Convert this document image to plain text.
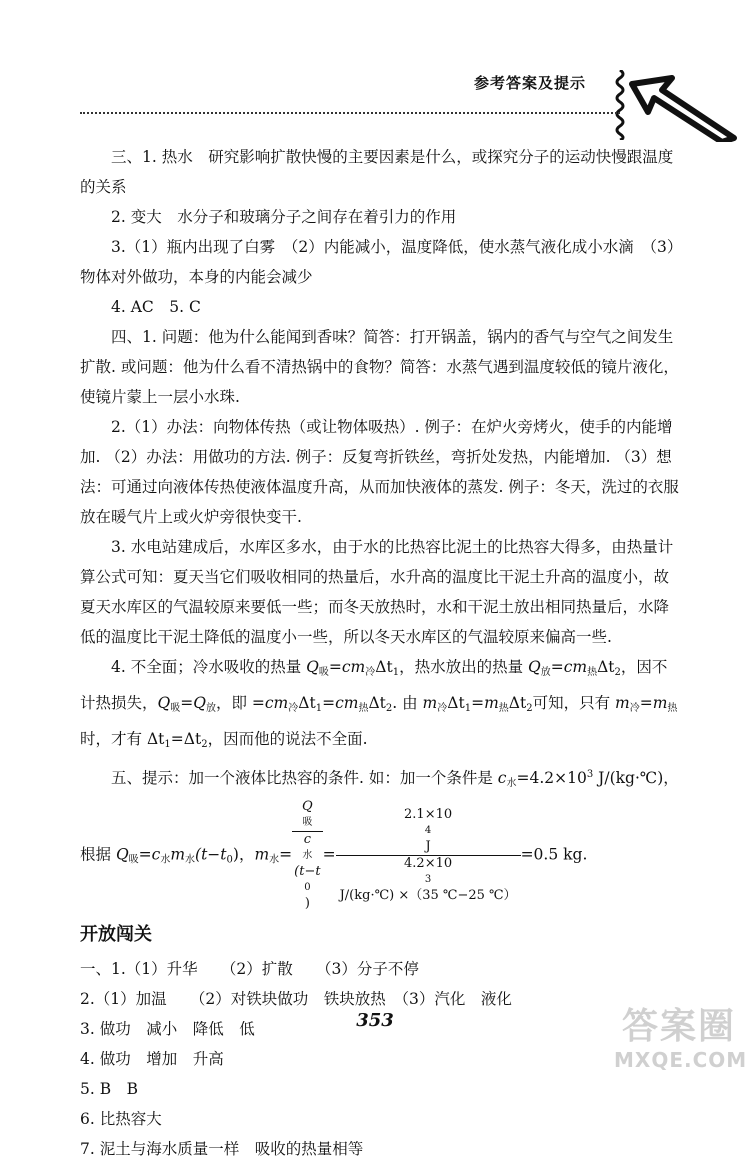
参考答案及提示

三、1. 热水　研究影响扩散快慢的主要因素是什么，或探究分子的运动快慢跟温度的关系

2. 变大　水分子和玻璃分子之间存在着引力的作用

3.（1）瓶内出现了白雾　（2）内能减小，温度降低，使水蒸气液化成小水滴　（3）物体对外做功，本身的内能会减少

4. AC　5. C

四、1. 问题：他为什么能闻到香味？简答：打开锅盖，锅内的香气与空气之间发生扩散. 或问题：他为什么看不清热锅中的食物？简答：水蒸气遇到温度较低的镜片液化，使镜片蒙上一层小水珠.

2.（1）办法：向物体传热（或让物体吸热）. 例子：在炉火旁烤火，使手的内能增加. （2）办法：用做功的方法. 例子：反复弯折铁丝，弯折处发热，内能增加. （3）想法：可通过向液体传热使液体温度升高，从而加快液体的蒸发. 例子：冬天，洗过的衣服放在暖气片上或火炉旁很快变干.

3. 水电站建成后，水库区多水，由于水的比热容比泥土的比热容大得多，由热量计算公式可知：夏天当它们吸收相同的热量后，水升高的温度比干泥土升高的温度小，故夏天水库区的气温较原来要低一些；而冬天放热时，水和干泥土放出相同热量后，水降低的温度比干泥土降低的温度小一些，所以冬天水库区的气温较原来偏高一些.

4. 不全面；冷水吸收的热量 $Q_吸=cm_冷\Delta t_1$，热水放出的热量 $Q_放=cm_热\Delta t_2$，因不计热损失，$Q_吸=Q_放$，即 $=cm_冷\Delta t_1=cm_热\Delta t_2$. 由 $m_冷\Delta t_1=m_热\Delta t_2$可知，只有 $m_冷=m_热$时，才有 $\Delta t_1=\Delta t_2$，因而他的说法不全面.

五、提示：加一个液体比热容的条件. 如：加一个条件是 $c_水=4.2\times 10^3$ J/(kg·℃)，

根据 $Q_吸=c_水m_水(t-t_0)$，$m_水= Q$
吸
c
水
(t−t
0
) = 2.1×10
4
J
4.2×10
3
J/(kg·℃) ×（35 ℃−25 ℃） =0.5 kg.

开放闯关

一、1.（1）升华　　（2）扩散　　（3）分子不停

2.（1）加温　　（2）对铁块做功　铁块放热　（3）汽化　液化

3. 做功　减小　降低　低

4. 做功　增加　升高

5. B　B

6. 比热容大

7. 泥土与海水质量一样　吸收的热量相等

353	答案圈
MXQE.COM
